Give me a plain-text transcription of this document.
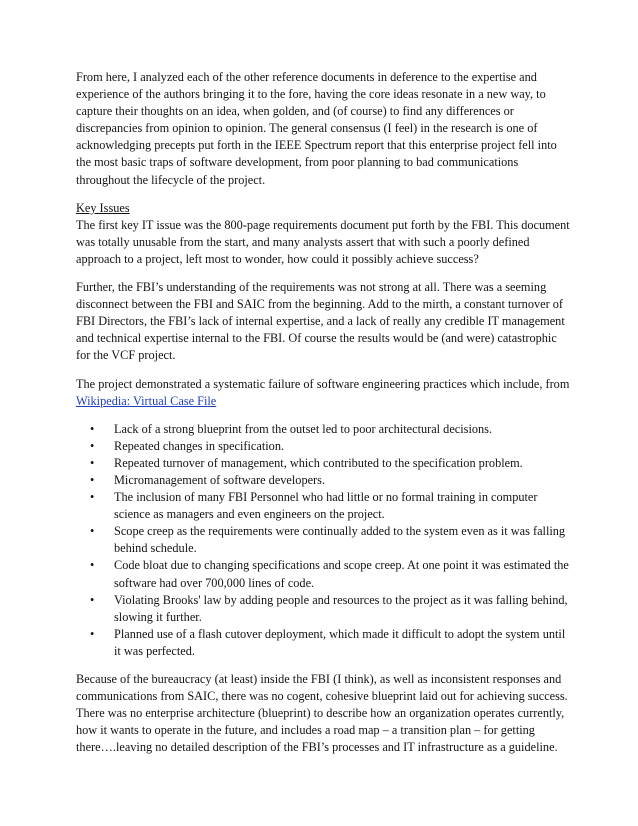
From here, I analyzed each of the other reference documents in deference to the expertise and experience of the authors bringing it to the fore, having the core ideas resonate in a new way, to capture their thoughts on an idea, when golden, and (of course) to find any differences or discrepancies from opinion to opinion. The general consensus (I feel) in the research is one of acknowledging precepts put forth in the IEEE Spectrum report that this enterprise project fell into the most basic traps of software development, from poor planning to bad communications throughout the lifecycle of the project.

Key Issues
The first key IT issue was the 800-page requirements document put forth by the FBI. This document was totally unusable from the start, and many analysts assert that with such a poorly defined approach to a project, left most to wonder, how could it possibly achieve success?

Further, the FBI’s understanding of the requirements was not strong at all. There was a seeming disconnect between the FBI and SAIC from the beginning. Add to the mirth, a constant turnover of FBI Directors, the FBI’s lack of internal expertise, and a lack of really any credible IT management and technical expertise internal to the FBI. Of course the results would be (and were) catastrophic for the VCF project.

The project demonstrated a systematic failure of software engineering practices which include, from Wikipedia: Virtual Case File

•	Lack of a strong blueprint from the outset led to poor architectural decisions.
•	Repeated changes in specification.
•	Repeated turnover of management, which contributed to the specification problem.
•	Micromanagement of software developers.
•	The inclusion of many FBI Personnel who had little or no formal training in computer science as managers and even engineers on the project.
•	Scope creep as the requirements were continually added to the system even as it was falling behind schedule.
•	Code bloat due to changing specifications and scope creep. At one point it was estimated the software had over 700,000 lines of code.
•	Violating Brooks' law by adding people and resources to the project as it was falling behind, slowing it further.
•	Planned use of a flash cutover deployment, which made it difficult to adopt the system until it was perfected.

Because of the bureaucracy (at least) inside the FBI (I think), as well as inconsistent responses and communications from SAIC, there was no cogent, cohesive blueprint laid out for achieving success. There was no enterprise architecture (blueprint) to describe how an organization operates currently, how it wants to operate in the future, and includes a road map – a transition plan – for getting there….leaving no detailed description of the FBI’s processes and IT infrastructure as a guideline.
